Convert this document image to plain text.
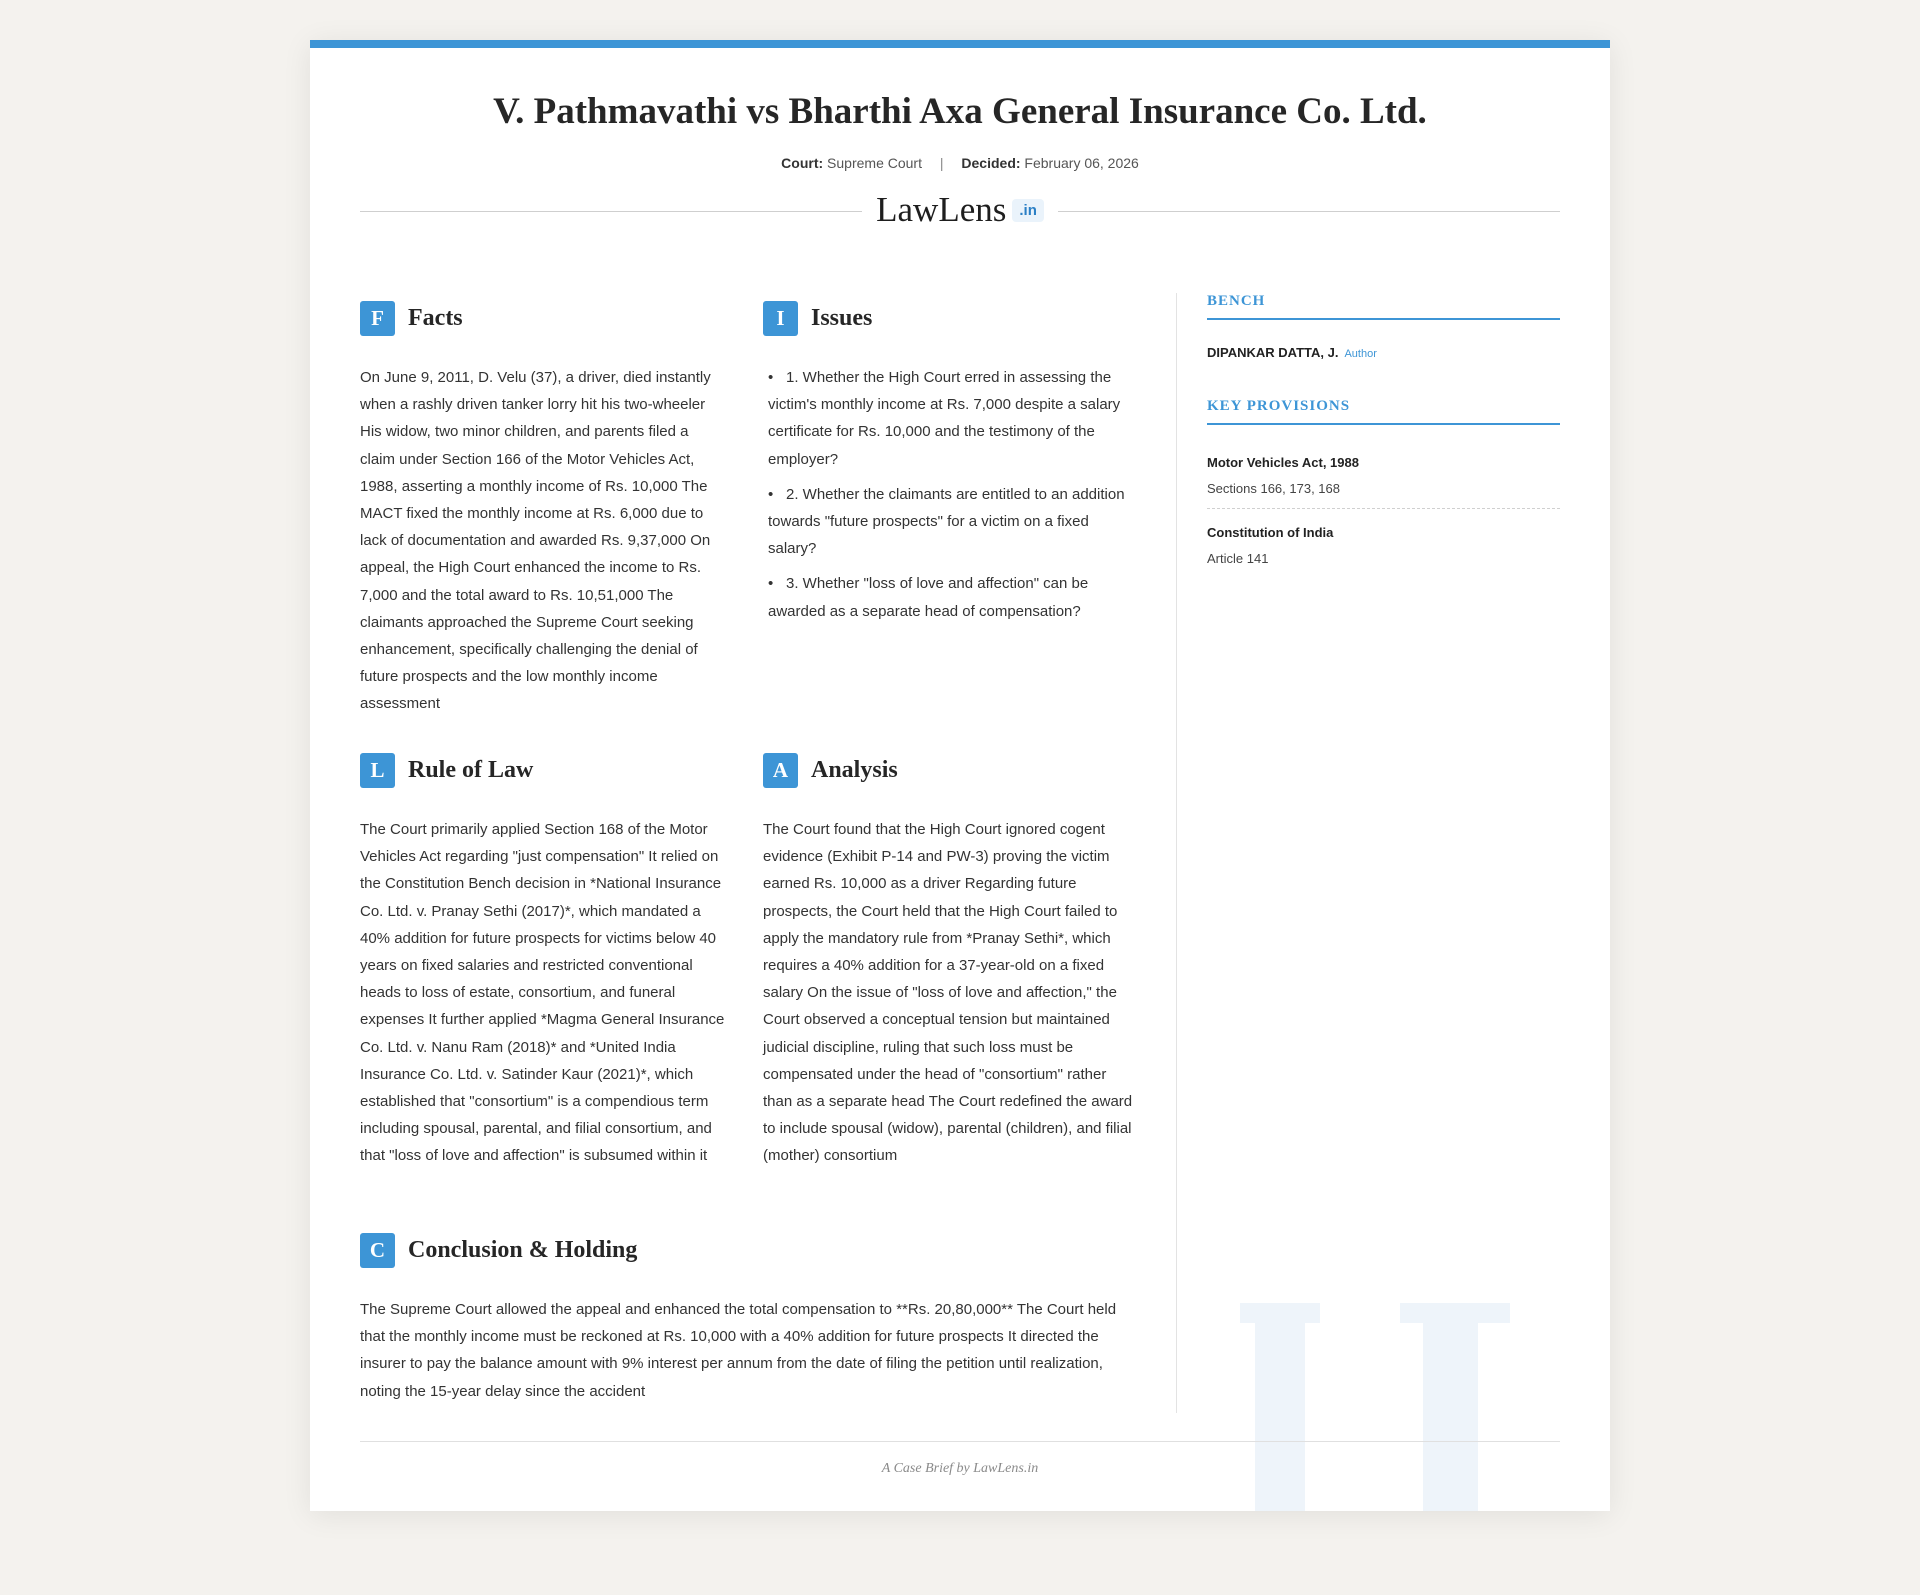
V. Pathmavathi vs Bharthi Axa General Insurance Co. Ltd.
Court: Supreme Court | Decided: February 06, 2026
LawLens .in
F	Facts
On June 9, 2011, D. Velu (37), a driver, died instantly when a rashly driven tanker lorry hit his two-wheeler His widow, two minor children, and parents filed a claim under Section 166 of the Motor Vehicles Act, 1988, asserting a monthly income of Rs. 10,000 The MACT fixed the monthly income at Rs. 6,000 due to lack of documentation and awarded Rs. 9,37,000 On appeal, the High Court enhanced the income to Rs. 7,000 and the total award to Rs. 10,51,000 The claimants approached the Supreme Court seeking enhancement, specifically challenging the denial of future prospects and the low monthly income assessment
I	Issues
• 1. Whether the High Court erred in assessing the victim's monthly income at Rs. 7,000 despite a salary certificate for Rs. 10,000 and the testimony of the employer?
• 2. Whether the claimants are entitled to an addition towards "future prospects" for a victim on a fixed salary?
• 3. Whether "loss of love and affection" can be awarded as a separate head of compensation?
L Rule of Law
The Court primarily applied Section 168 of the Motor Vehicles Act regarding "just compensation" It relied on the Constitution Bench decision in *National Insurance Co. Ltd. v. Pranay Sethi (2017)*, which mandated a 40% addition for future prospects for victims below 40 years on fixed salaries and restricted conventional heads to loss of estate, consortium, and funeral expenses It further applied *Magma General Insurance Co. Ltd. v. Nanu Ram (2018)* and *United India Insurance Co. Ltd. v. Satinder Kaur (2021)*, which established that "consortium" is a compendious term including spousal, parental, and filial consortium, and that "loss of love and affection" is subsumed within it
A Analysis
The Court found that the High Court ignored cogent evidence (Exhibit P-14 and PW-3) proving the victim earned Rs. 10,000 as a driver Regarding future prospects, the Court held that the High Court failed to apply the mandatory rule from *Pranay Sethi*, which requires a 40% addition for a 37-year-old on a fixed salary On the issue of "loss of love and affection," the Court observed a conceptual tension but maintained judicial discipline, ruling that such loss must be compensated under the head of "consortium" rather than as a separate head The Court redefined the award to include spousal (widow), parental (children), and filial (mother) consortium
C Conclusion & Holding
The Supreme Court allowed the appeal and enhanced the total compensation to **Rs. 20,80,000** The Court held that the monthly income must be reckoned at Rs. 10,000 with a 40% addition for future prospects It directed the insurer to pay the balance amount with 9% interest per annum from the date of filing the petition until realization, noting the 15-year delay since the accident
BENCH
DIPANKAR DATTA, J. Author
KEY PROVISIONS
Motor Vehicles Act, 1988
Sections 166, 173, 168
Constitution of India
Article 141
A Case Brief by LawLens.in
